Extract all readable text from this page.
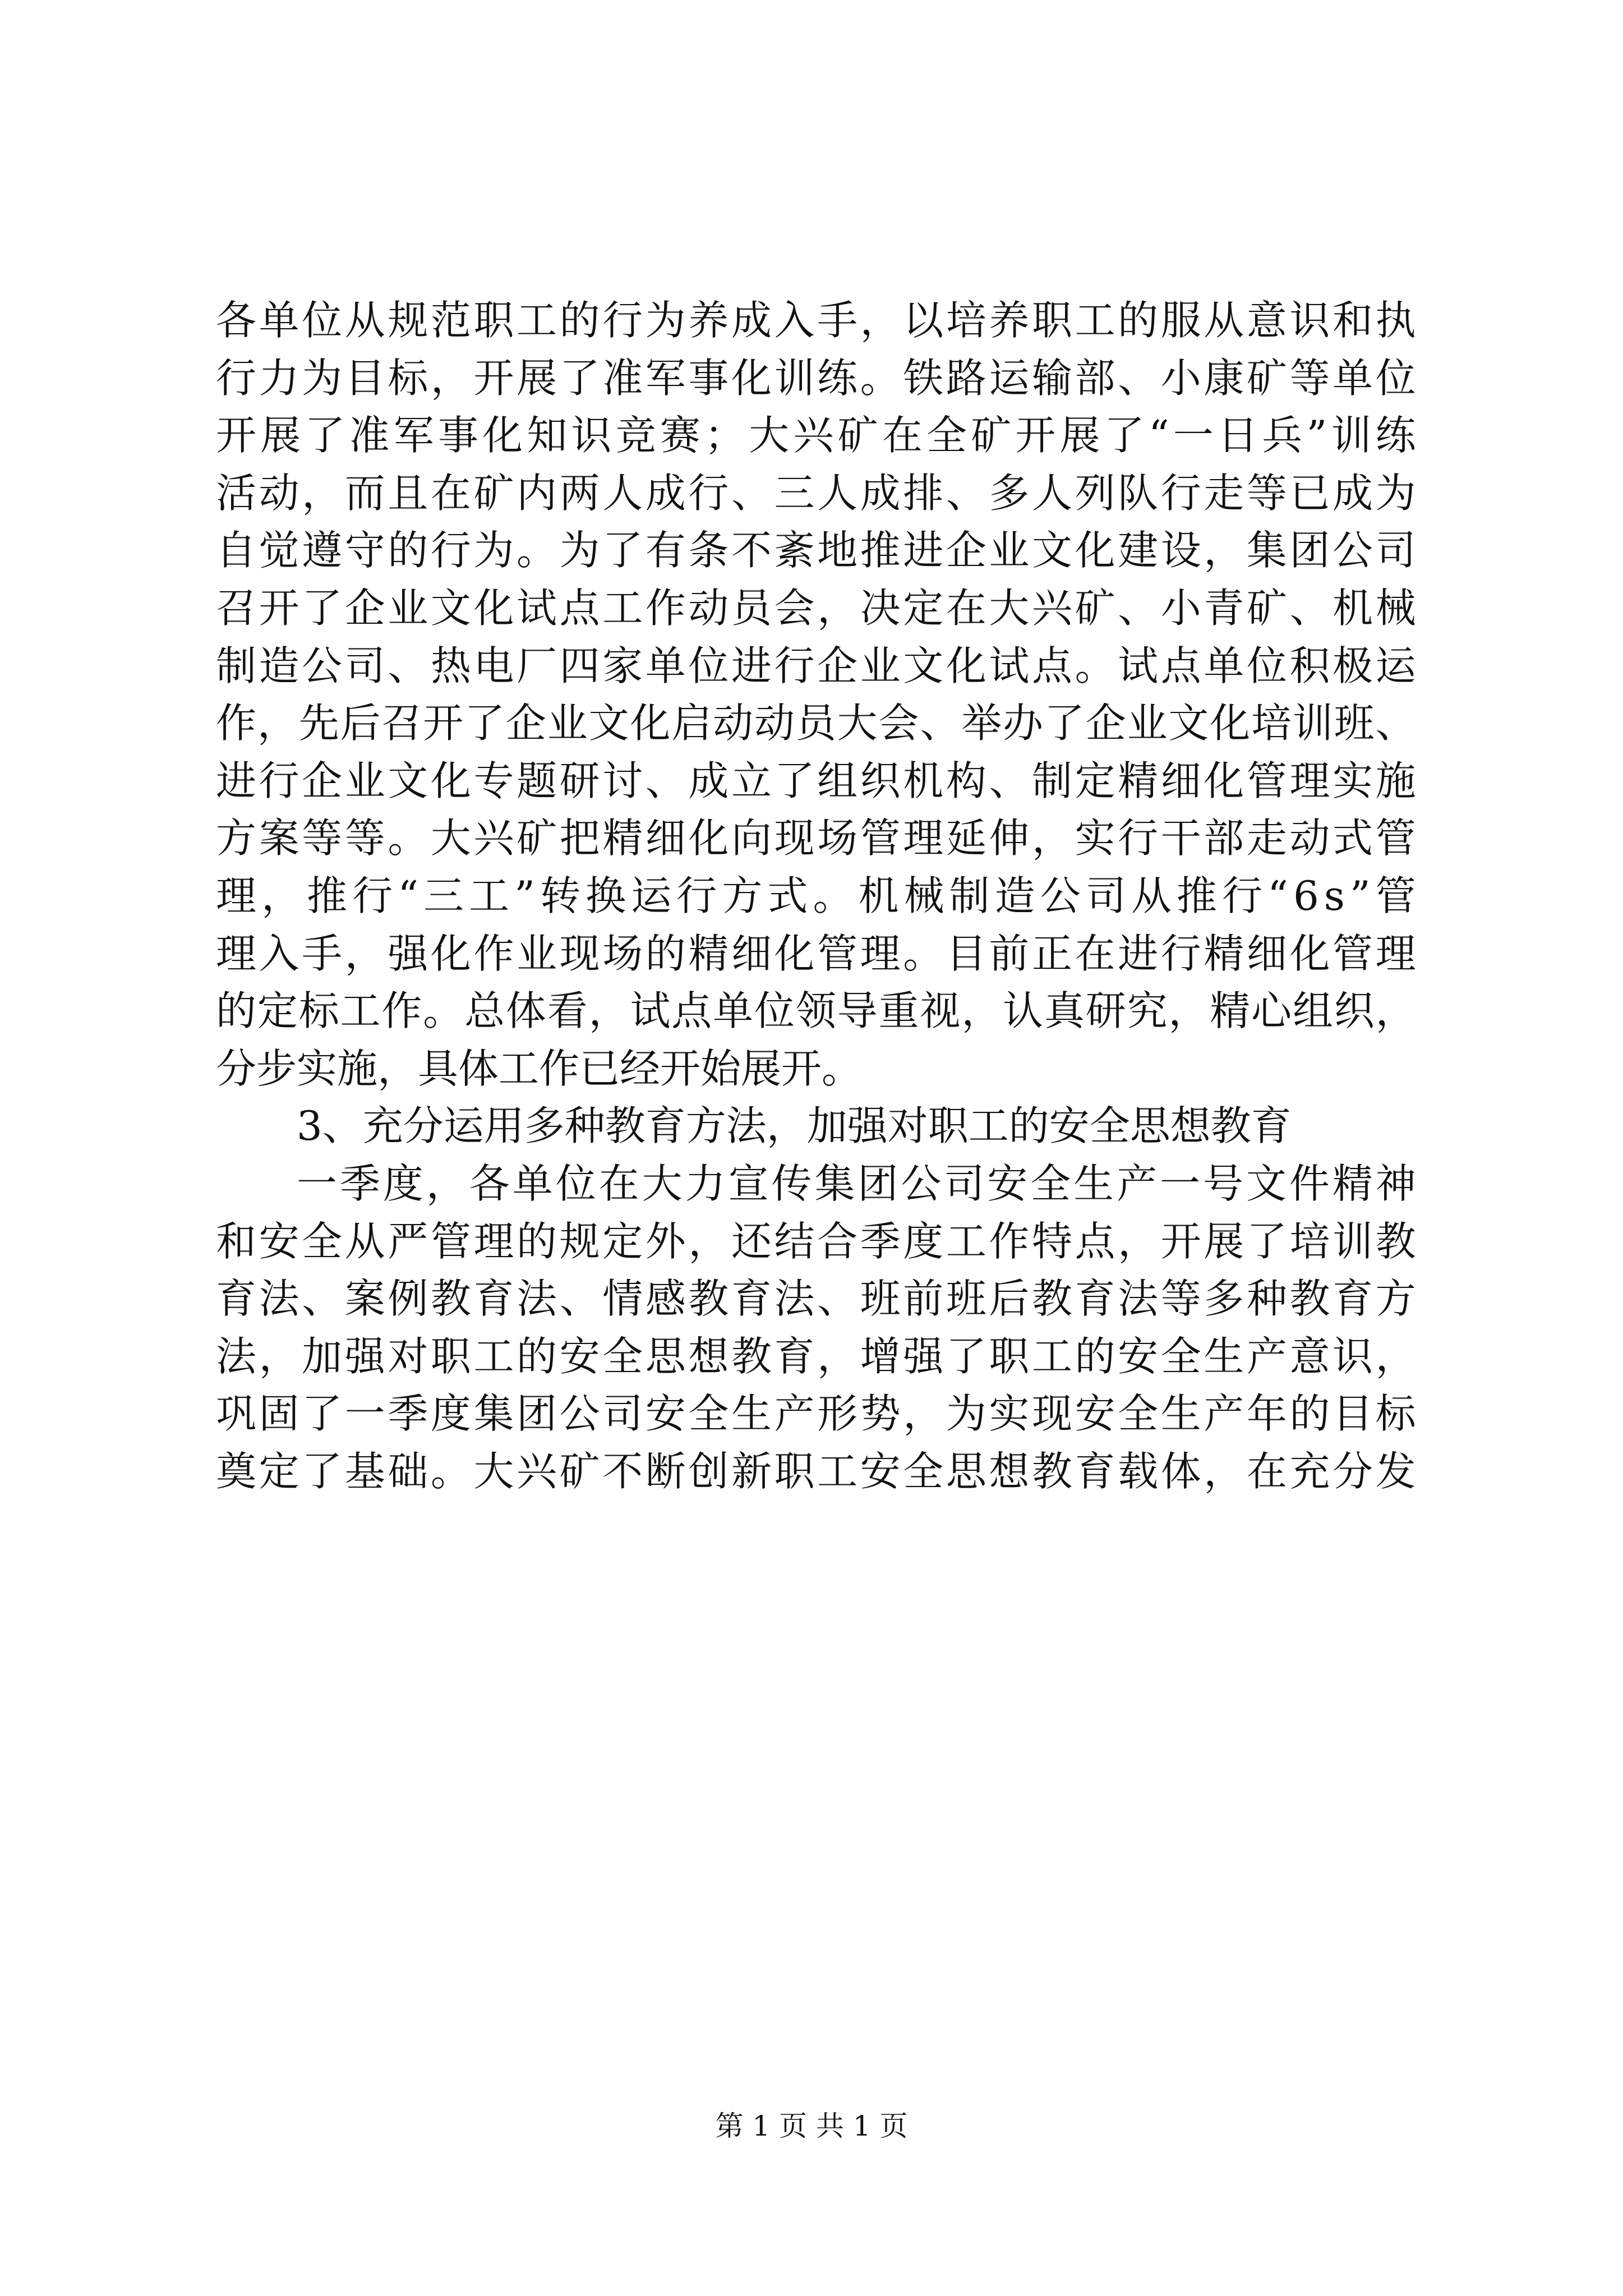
各 单 位 从 规 范 职 工 的 行 为 养 成 入 手 ， 以 培 养 职 工 的 服 从 意 识 和 执
行 力 为 目 标 ， 开 展 了 准 军 事 化 训 练 。 铁 路 运 输 部 、 小 康 矿 等 单 位
开 展 了 准 军 事 化 知 识 竞 赛 ； 大 兴 矿 在 全 矿 开 展 了 “ 一 日 兵 ” 训 练
活 动 ， 而 且 在 矿 内 两 人 成 行 、 三 人 成 排 、 多 人 列 队 行 走 等 已 成 为
自 觉 遵 守 的 行 为 。 为 了 有 条 不 紊 地 推 进 企 业 文 化 建 设 ， 集 团 公 司
召 开 了 企 业 文 化 试 点 工 作 动 员 会 ， 决 定 在 大 兴 矿 、 小 青 矿 、 机 械
制 造 公 司 、 热 电 厂 四 家 单 位 进 行 企 业 文 化 试 点 。 试 点 单 位 积 极 运
作 ， 先 后 召 开 了 企 业 文 化 启 动 动 员 大 会 、 举 办 了 企 业 文 化 培 训 班 、
进 行 企 业 文 化 专 题 研 讨 、 成 立 了 组 织 机 构 、 制 定 精 细 化 管 理 实 施
方 案 等 等 。 大 兴 矿 把 精 细 化 向 现 场 管 理 延 伸 ， 实 行 干 部 走 动 式 管
理 ， 推 行 “ 三 工 ” 转 换 运 行 方 式 。 机 械 制 造 公 司 从 推 行 “ 6 s ” 管
理 入 手 ， 强 化 作 业 现 场 的 精 细 化 管 理 。 目 前 正 在 进 行 精 细 化 管 理
的 定 标 工 作 。 总 体 看 ， 试 点 单 位 领 导 重 视 ， 认 真 研 究 ， 精 心 组 织 ，
分步实施，具体工作已经开始展开。
3、充分运用多种教育方法，加强对职工的安全思想教育
一 季 度 ， 各 单 位 在 大 力 宣 传 集 团 公 司 安 全 生 产 一 号 文 件 精 神
和 安 全 从 严 管 理 的 规 定 外 ， 还 结 合 季 度 工 作 特 点 ， 开 展 了 培 训 教
育 法 、 案 例 教 育 法 、 情 感 教 育 法 、 班 前 班 后 教 育 法 等 多 种 教 育 方
法 ， 加 强 对 职 工 的 安 全 思 想 教 育 ， 增 强 了 职 工 的 安 全 生 产 意 识 ，
巩 固 了 一 季 度 集 团 公 司 安 全 生 产 形 势 ， 为 实 现 安 全 生 产 年 的 目 标
奠 定 了 基 础 。 大 兴 矿 不 断 创 新 职 工 安 全 思 想 教 育 载 体 ， 在 充 分 发
第 1 页 共 1 页
